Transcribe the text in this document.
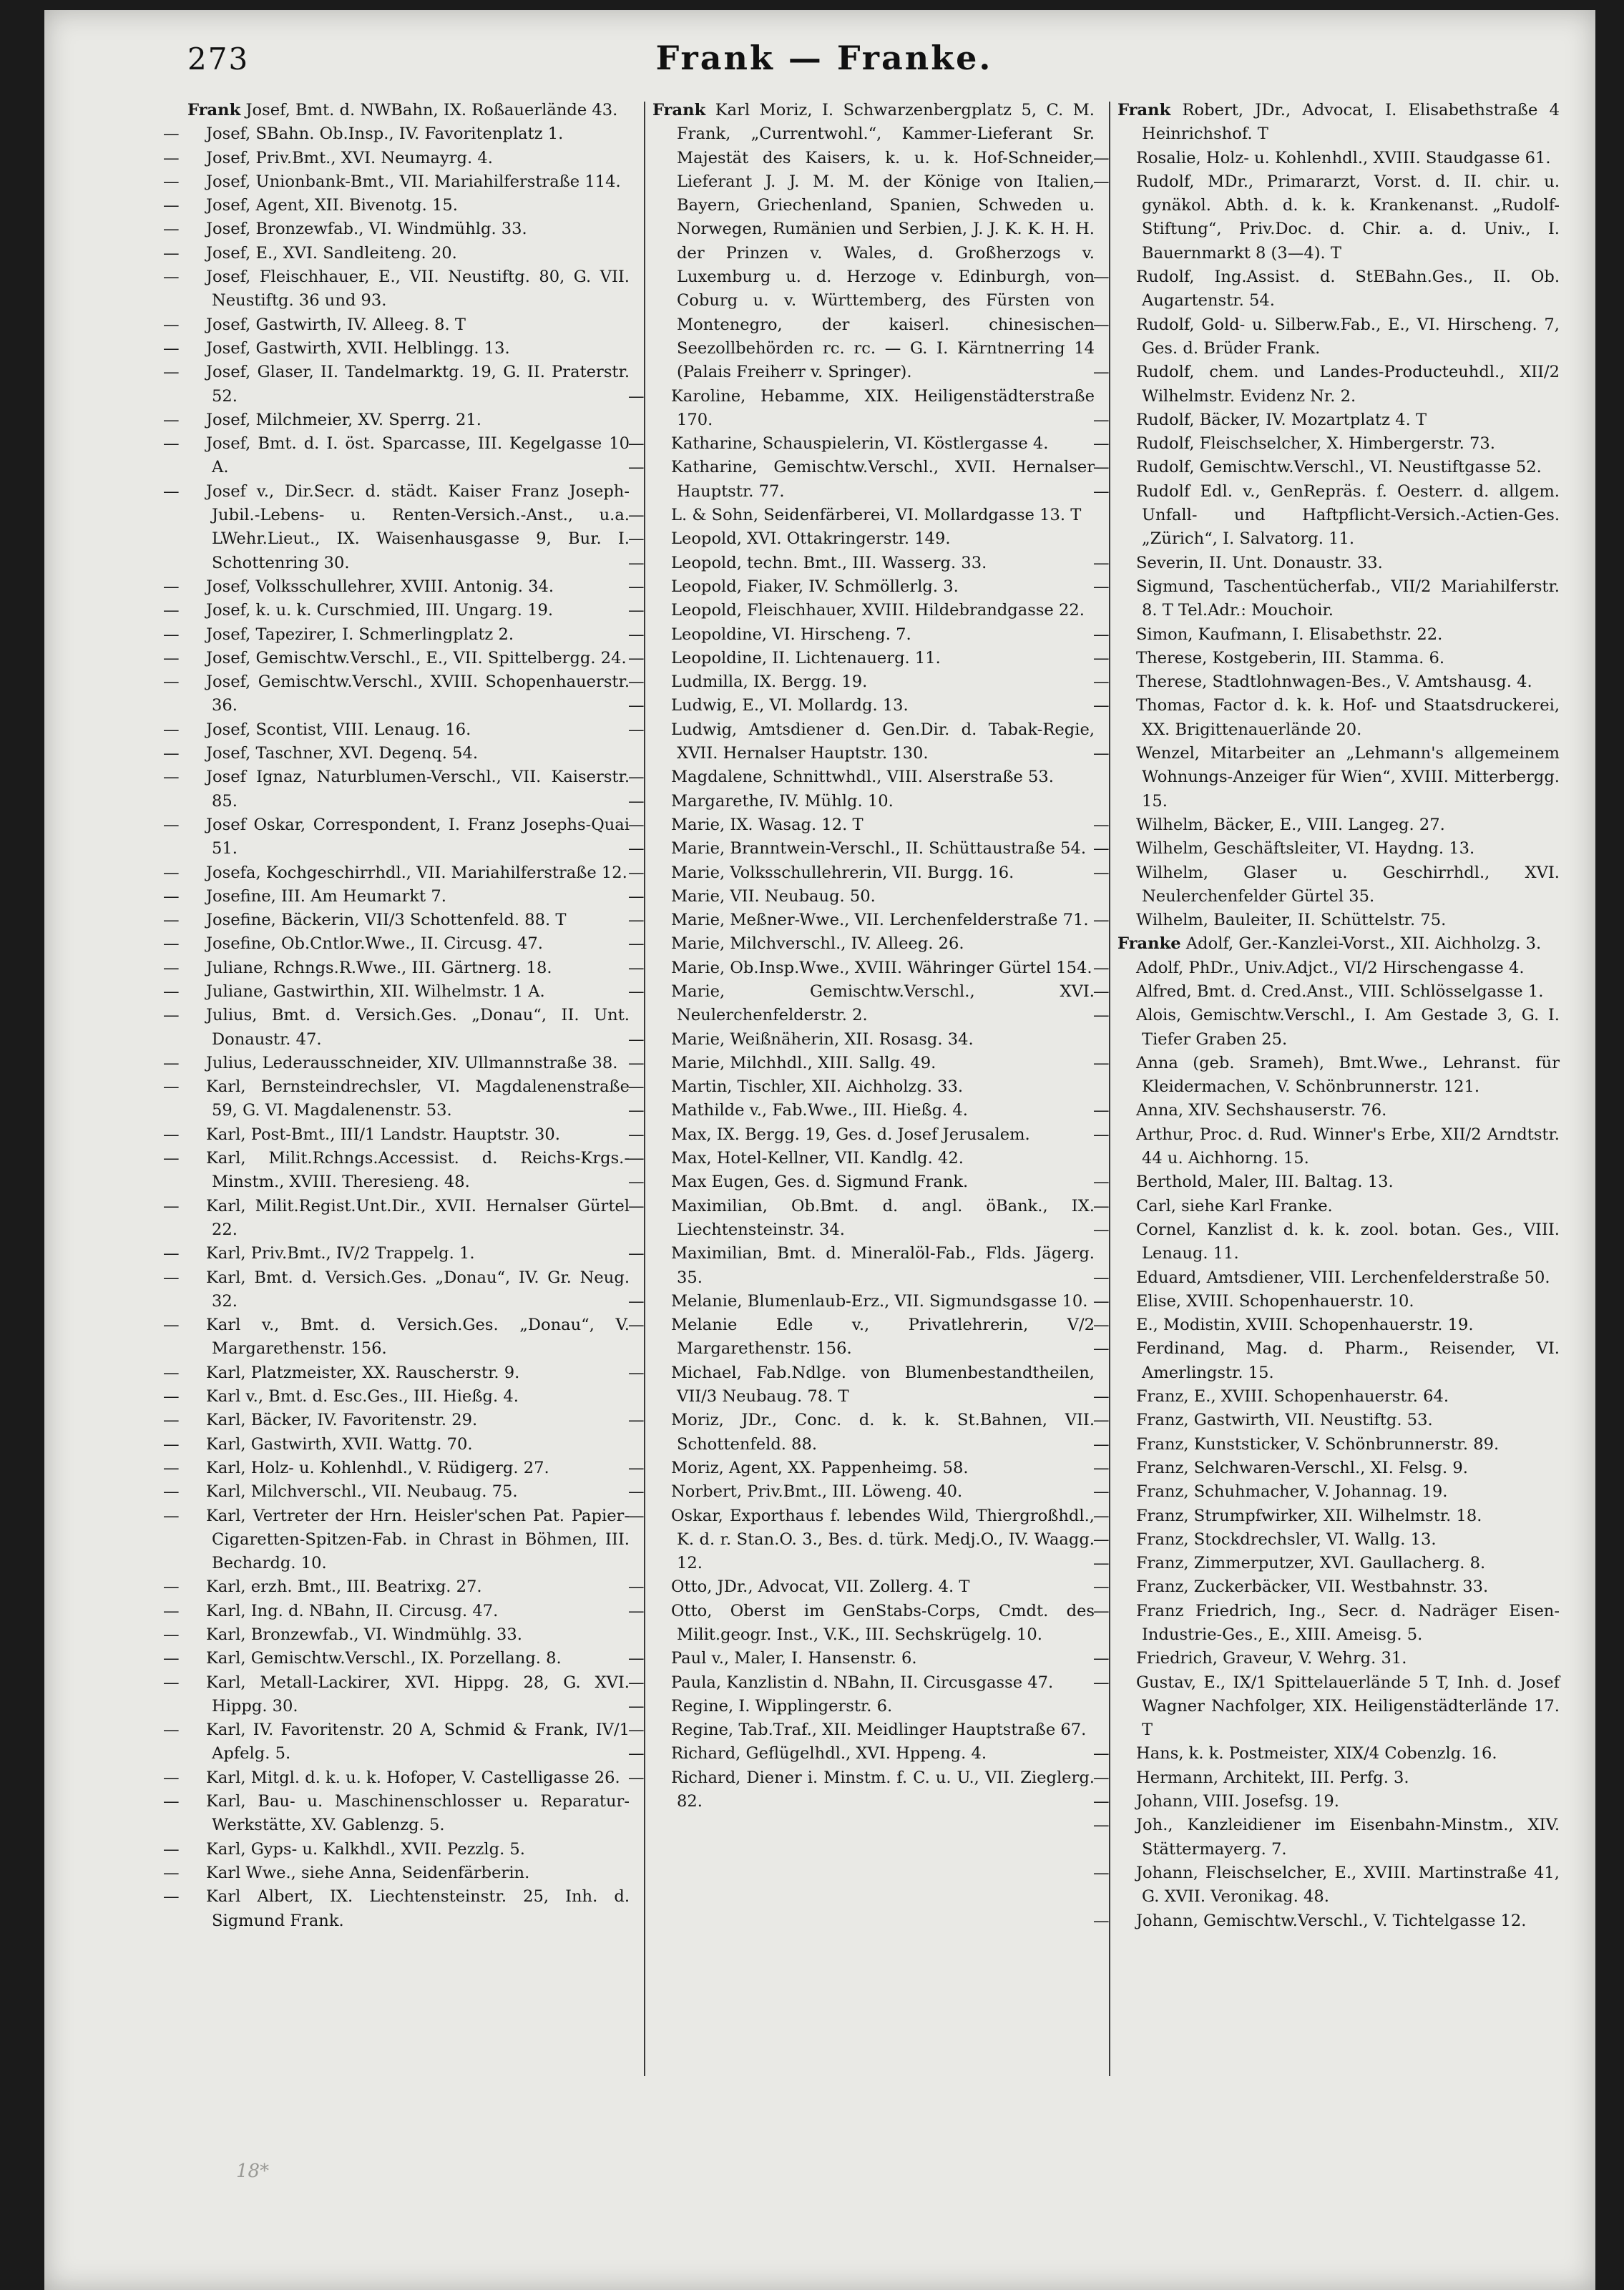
273	Frank — Franke.

Frank Josef, Bmt. d. NWBahn, IX. Roßauerlände 43.

— Josef, SBahn. Ob.Insp., IV. Favoritenplatz 1.

— Josef, Priv.Bmt., XVI. Neumayrg. 4.

— Josef, Unionbank-Bmt., VII. Mariahilferstraße 114.

— Josef, Agent, XII. Bivenotg. 15.

— Josef, Bronzewfab., VI. Windmühlg. 33.

— Josef, E., XVI. Sandleiteng. 20.

— Josef, Fleischhauer, E., VII. Neustiftg. 80, G. VII. Neustiftg. 36 und 93.

— Josef, Gastwirth, IV. Alleeg. 8. T

— Josef, Gastwirth, XVII. Helblingg. 13.

— Josef, Glaser, II. Tandelmarktg. 19, G. II. Praterstr. 52.

— Josef, Milchmeier, XV. Sperrg. 21.

— Josef, Bmt. d. I. öst. Sparcasse, III. Kegelgasse 10 A.

— Josef v., Dir.Secr. d. städt. Kaiser Franz Joseph-Jubil.-Lebens- u. Renten-Versich.-Anst., u.a. LWehr.Lieut., IX. Waisenhausgasse 9, Bur. I. Schottenring 30.

— Josef, Volksschullehrer, XVIII. Antonig. 34.

— Josef, k. u. k. Curschmied, III. Ungarg. 19.

— Josef, Tapezirer, I. Schmerlingplatz 2.

— Josef, Gemischtw.Verschl., E., VII. Spittelbergg. 24.

— Josef, Gemischtw.Verschl., XVIII. Schopenhauerstr. 36.

— Josef, Scontist, VIII. Lenaug. 16.

— Josef, Taschner, XVI. Degenq. 54.

— Josef Ignaz, Naturblumen-Verschl., VII. Kaiserstr. 85.

— Josef Oskar, Correspondent, I. Franz Josephs-Quai 51.

— Josefa, Kochgeschirrhdl., VII. Mariahilferstraße 12.

— Josefine, III. Am Heumarkt 7.

— Josefine, Bäckerin, VII/3 Schottenfeld. 88. T

— Josefine, Ob.Cntlor.Wwe., II. Circusg. 47.

— Juliane, Rchngs.R.Wwe., III. Gärtnerg. 18.

— Juliane, Gastwirthin, XII. Wilhelmstr. 1 A.

— Julius, Bmt. d. Versich.Ges. „Donau“, II. Unt. Donaustr. 47.

— Julius, Lederausschneider, XIV. Ullmannstraße 38.

— Karl, Bernsteindrechsler, VI. Magdalenenstraße 59, G. VI. Magdalenenstr. 53.

— Karl, Post-Bmt., III/1 Landstr. Hauptstr. 30.

— Karl, Milit.Rchngs.Accessist. d. Reichs-Krgs.-Minstm., XVIII. Theresieng. 48.

— Karl, Milit.Regist.Unt.Dir., XVII. Hernalser Gürtel 22.

— Karl, Priv.Bmt., IV/2 Trappelg. 1.

— Karl, Bmt. d. Versich.Ges. „Donau“, IV. Gr. Neug. 32.

— Karl v., Bmt. d. Versich.Ges. „Donau“, V. Margarethenstr. 156.

— Karl, Platzmeister, XX. Rauscherstr. 9.

— Karl v., Bmt. d. Esc.Ges., III. Hießg. 4.

— Karl, Bäcker, IV. Favoritenstr. 29.

— Karl, Gastwirth, XVII. Wattg. 70.

— Karl, Holz- u. Kohlenhdl., V. Rüdigerg. 27.

— Karl, Milchverschl., VII. Neubaug. 75.

— Karl, Vertreter der Hrn. Heisler'schen Pat. Papier-Cigaretten-Spitzen-Fab. in Chrast in Böhmen, III. Bechardg. 10.

— Karl, erzh. Bmt., III. Beatrixg. 27.

— Karl, Ing. d. NBahn, II. Circusg. 47.

— Karl, Bronzewfab., VI. Windmühlg. 33.

— Karl, Gemischtw.Verschl., IX. Porzellang. 8.

— Karl, Metall-Lackirer, XVI. Hippg. 28, G. XVI. Hippg. 30.

— Karl, IV. Favoritenstr. 20 A, Schmid & Frank, IV/1 Apfelg. 5.

— Karl, Mitgl. d. k. u. k. Hofoper, V. Castelligasse 26.

— Karl, Bau- u. Maschinenschlosser u. Reparatur-Werkstätte, XV. Gablenzg. 5.

— Karl, Gyps- u. Kalkhdl., XVII. Pezzlg. 5.

— Karl Wwe., siehe Anna, Seidenfärberin.

— Karl Albert, IX. Liechtensteinstr. 25, Inh. d. Sigmund Frank.

Frank Karl Moriz, I. Schwarzenbergplatz 5, C. M. Frank, „Currentwohl.“, Kammer-Lieferant Sr. Majestät des Kaisers, k. u. k. Hof-Schneider, Lieferant J. J. M. M. der Könige von Italien, Bayern, Griechenland, Spanien, Schweden u. Norwegen, Rumänien und Serbien, J. J. K. K. H. H. der Prinzen v. Wales, d. Großherzogs v. Luxemburg u. d. Herzoge v. Edinburgh, von Coburg u. v. Württemberg, des Fürsten von Montenegro, der kaiserl. chinesischen Seezollbehörden rc. rc. — G. I. Kärntnerring 14 (Palais Freiherr v. Springer).

— Karoline, Hebamme, XIX. Heiligenstädterstraße 170.

— Katharine, Schauspielerin, VI. Köstlergasse 4.

— Katharine, Gemischtw.Verschl., XVII. Hernalser Hauptstr. 77.

— L. & Sohn, Seidenfärberei, VI. Mollardgasse 13. T

— Leopold, XVI. Ottakringerstr. 149.

— Leopold, techn. Bmt., III. Wasserg. 33.

— Leopold, Fiaker, IV. Schmöllerlg. 3.

— Leopold, Fleischhauer, XVIII. Hildebrandgasse 22.

— Leopoldine, VI. Hirscheng. 7.

— Leopoldine, II. Lichtenauerg. 11.

— Ludmilla, IX. Bergg. 19.

— Ludwig, E., VI. Mollardg. 13.

— Ludwig, Amtsdiener d. Gen.Dir. d. Tabak-Regie, XVII. Hernalser Hauptstr. 130.

— Magdalene, Schnittwhdl., VIII. Alserstraße 53.

— Margarethe, IV. Mühlg. 10.

— Marie, IX. Wasag. 12. T

— Marie, Branntwein-Verschl., II. Schüttaustraße 54.

— Marie, Volksschullehrerin, VII. Burgg. 16.

— Marie, VII. Neubaug. 50.

— Marie, Meßner-Wwe., VII. Lerchenfelderstraße 71.

— Marie, Milchverschl., IV. Alleeg. 26.

— Marie, Ob.Insp.Wwe., XVIII. Währinger Gürtel 154.

— Marie, Gemischtw.Verschl., XVI. Neulerchenfelderstr. 2.

— Marie, Weißnäherin, XII. Rosasg. 34.

— Marie, Milchhdl., XIII. Sallg. 49.

— Martin, Tischler, XII. Aichholzg. 33.

— Mathilde v., Fab.Wwe., III. Hießg. 4.

— Max, IX. Bergg. 19, Ges. d. Josef Jerusalem.

— Max, Hotel-Kellner, VII. Kandlg. 42.

— Max Eugen, Ges. d. Sigmund Frank.

— Maximilian, Ob.Bmt. d. angl. öBank., IX. Liechtensteinstr. 34.

— Maximilian, Bmt. d. Mineralöl-Fab., Flds. Jägerg. 35.

— Melanie, Blumenlaub-Erz., VII. Sigmundsgasse 10.

— Melanie Edle v., Privatlehrerin, V/2 Margarethenstr. 156.

— Michael, Fab.Ndlge. von Blumenbestandtheilen, VII/3 Neubaug. 78. T

— Moriz, JDr., Conc. d. k. k. St.Bahnen, VII. Schottenfeld. 88.

— Moriz, Agent, XX. Pappenheimg. 58.

— Norbert, Priv.Bmt., III. Löweng. 40.

— Oskar, Exporthaus f. lebendes Wild, Thiergroßhdl., K. d. r. Stan.O. 3., Bes. d. türk. Medj.O., IV. Waagg. 12.

— Otto, JDr., Advocat, VII. Zollerg. 4. T

— Otto, Oberst im GenStabs-Corps, Cmdt. des Milit.geogr. Inst., V.K., III. Sechskrügelg. 10.

— Paul v., Maler, I. Hansenstr. 6.

— Paula, Kanzlistin d. NBahn, II. Circusgasse 47.

— Regine, I. Wipplingerstr. 6.

— Regine, Tab.Traf., XII. Meidlinger Hauptstraße 67.

— Richard, Geflügelhdl., XVI. Hppeng. 4.

— Richard, Diener i. Minstm. f. C. u. U., VII. Zieglerg. 82.

Frank Robert, JDr., Advocat, I. Elisabethstraße 4 Heinrichshof. T

— Rosalie, Holz- u. Kohlenhdl., XVIII. Staudgasse 61.

— Rudolf, MDr., Primararzt, Vorst. d. II. chir. u. gynäkol. Abth. d. k. k. Krankenanst. „Rudolf-Stiftung“, Priv.Doc. d. Chir. a. d. Univ., I. Bauernmarkt 8 (3—4). T

— Rudolf, Ing.Assist. d. StEBahn.Ges., II. Ob. Augartenstr. 54.

— Rudolf, Gold- u. Silberw.Fab., E., VI. Hirscheng. 7, Ges. d. Brüder Frank.

— Rudolf, chem. und Landes-Producteuhdl., XII/2 Wilhelmstr. Evidenz Nr. 2.

— Rudolf, Bäcker, IV. Mozartplatz 4. T

— Rudolf, Fleischselcher, X. Himbergerstr. 73.

— Rudolf, Gemischtw.Verschl., VI. Neustiftgasse 52.

— Rudolf Edl. v., GenRepräs. f. Oesterr. d. allgem. Unfall- und Haftpflicht-Versich.-Actien-Ges. „Zürich“, I. Salvatorg. 11.

— Severin, II. Unt. Donaustr. 33.

— Sigmund, Taschentücherfab., VII/2 Mariahilferstr. 8. T Tel.Adr.: Mouchoir.

— Simon, Kaufmann, I. Elisabethstr. 22.

— Therese, Kostgeberin, III. Stamma. 6.

— Therese, Stadtlohnwagen-Bes., V. Amtshausg. 4.

— Thomas, Factor d. k. k. Hof- und Staatsdruckerei, XX. Brigittenauerlände 20.

— Wenzel, Mitarbeiter an „Lehmann's allgemeinem Wohnungs-Anzeiger für Wien“, XVIII. Mitterbergg. 15.

— Wilhelm, Bäcker, E., VIII. Langeg. 27.

— Wilhelm, Geschäftsleiter, VI. Haydng. 13.

— Wilhelm, Glaser u. Geschirrhdl., XVI. Neulerchenfelder Gürtel 35.

— Wilhelm, Bauleiter, II. Schüttelstr. 75.

Franke Adolf, Ger.-Kanzlei-Vorst., XII. Aichholzg. 3.

— Adolf, PhDr., Univ.Adjct., VI/2 Hirschengasse 4.

— Alfred, Bmt. d. Cred.Anst., VIII. Schlösselgasse 1.

— Alois, Gemischtw.Verschl., I. Am Gestade 3, G. I. Tiefer Graben 25.

— Anna (geb. Srameh), Bmt.Wwe., Lehranst. für Kleidermachen, V. Schönbrunnerstr. 121.

— Anna, XIV. Sechshauserstr. 76.

— Arthur, Proc. d. Rud. Winner's Erbe, XII/2 Arndtstr. 44 u. Aichhorng. 15.

— Berthold, Maler, III. Baltag. 13.

— Carl, siehe Karl Franke.

— Cornel, Kanzlist d. k. k. zool. botan. Ges., VIII. Lenaug. 11.

— Eduard, Amtsdiener, VIII. Lerchenfelderstraße 50.

— Elise, XVIII. Schopenhauerstr. 10.

— E., Modistin, XVIII. Schopenhauerstr. 19.

— Ferdinand, Mag. d. Pharm., Reisender, VI. Amerlingstr. 15.

— Franz, E., XVIII. Schopenhauerstr. 64.

— Franz, Gastwirth, VII. Neustiftg. 53.

— Franz, Kunststicker, V. Schönbrunnerstr. 89.

— Franz, Selchwaren-Verschl., XI. Felsg. 9.

— Franz, Schuhmacher, V. Johannag. 19.

— Franz, Strumpfwirker, XII. Wilhelmstr. 18.

— Franz, Stockdrechsler, VI. Wallg. 13.

— Franz, Zimmerputzer, XVI. Gaullacherg. 8.

— Franz, Zuckerbäcker, VII. Westbahnstr. 33.

— Franz Friedrich, Ing., Secr. d. Nadräger Eisen-Industrie-Ges., E., XIII. Ameisg. 5.

— Friedrich, Graveur, V. Wehrg. 31.

— Gustav, E., IX/1 Spittelauerlände 5 T, Inh. d. Josef Wagner Nachfolger, XIX. Heiligenstädterlände 17. T

— Hans, k. k. Postmeister, XIX/4 Cobenzlg. 16.

— Hermann, Architekt, III. Perfg. 3.

— Johann, VIII. Josefsg. 19.

— Joh., Kanzleidiener im Eisenbahn-Minstm., XIV. Stättermayerg. 7.

— Johann, Fleischselcher, E., XVIII. Martinstraße 41, G. XVII. Veronikag. 48.

— Johann, Gemischtw.Verschl., V. Tichtelgasse 12.

18*
